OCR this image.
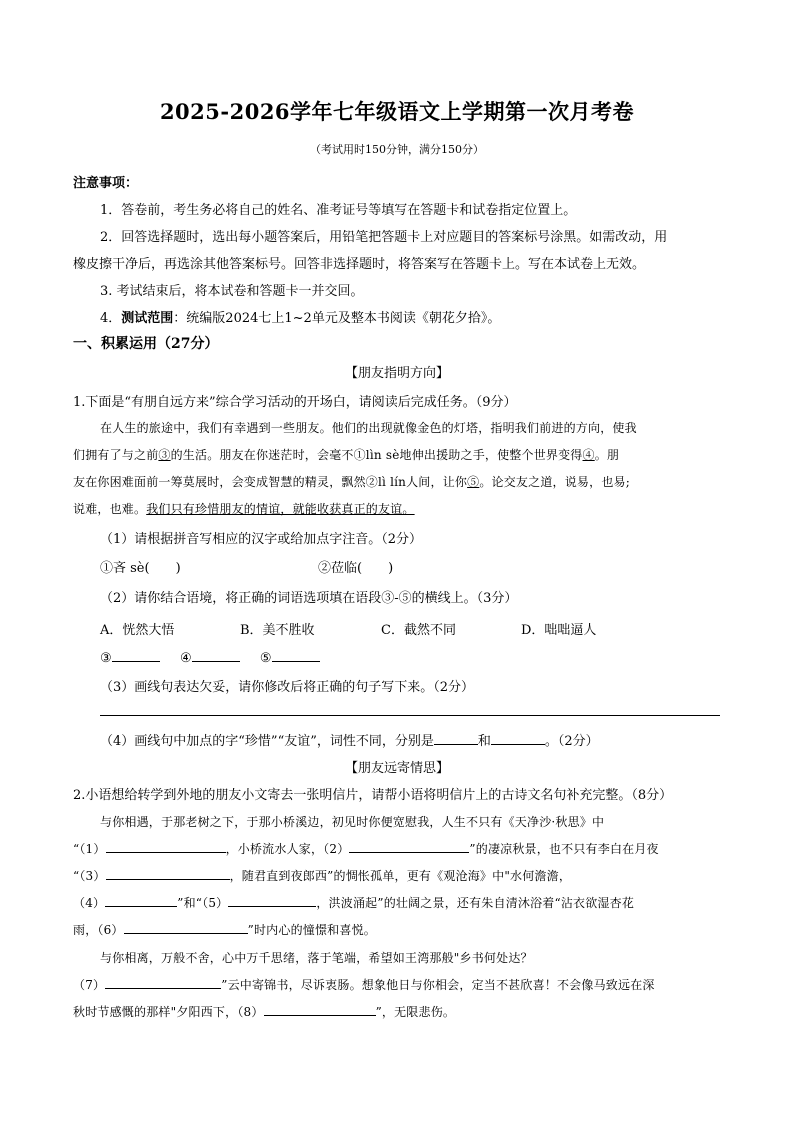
2025-2026学年七年级语文上学期第一次月考卷
（考试用时150分钟，满分150分）
注意事项：
1．答卷前，考生务必将自己的姓名、准考证号等填写在答题卡和试卷指定位置上。
2．回答选择题时，选出每小题答案后，用铅笔把答题卡上对应题目的答案标号涂黑。如需改动，用
橡皮擦干净后，再选涂其他答案标号。回答非选择题时，将答案写在答题卡上。写在本试卷上无效。
3. 考试结束后，将本试卷和答题卡一并交回。
4．测试范围：统编版2024七上1~2单元及整本书阅读《朝花夕拾》。
一、积累运用（27分）
【朋友指明方向】
1.下面是“有朋自远方来”综合学习活动的开场白，请阅读后完成任务。（9分）
在人生的旅途中，我们有幸遇到一些朋友。他们的出现就像金色的灯塔，指明我们前进的方向，使我
们拥有了与之前③的生活。朋友在你迷茫时，会毫不①lìn sè地伸出援助之手，使整个世界变得④。朋
友在你困难面前一筹莫展时，会变成智慧的精灵，飘然②lì lín人间，让你⑤。论交友之道，说易，也易;
说难，也难。我们只有珍惜朋友的情谊，就能收获真正的友谊。
（1）请根据拼音写相应的汉字或给加点字注音。（2分）
①吝 sè(　　)	②莅临(　　)
（2）请你结合语境，将正确的词语选项填在语段③-⑤的横线上。（3分）
A．恍然大悟	B．美不胜收	C．截然不同	D．咄咄逼人
③	④	⑤
（3）画线句表达欠妥，请你修改后将正确的句子写下来。（2分）
（4）画线句中加点的字“珍惜”“友谊”，词性不同，分别是	和	。（2分）
【朋友远寄情思】
2.小语想给转学到外地的朋友小文寄去一张明信片，请帮小语将明信片上的古诗文名句补充完整。（8分）
与你相遇，于那老树之下，于那小桥溪边，初见时你便宽慰我，人生不只有《天净沙·秋思》中
“（1）	，小桥流水人家，（2）	”的凄凉秋景，也不只有李白在月夜
“（3）	，随君直到夜郎西”的惆怅孤单，更有《观沧海》中"水何澹澹，
（4）	”和“（5）	，洪波涌起”的壮阔之景，还有朱自清沐浴着“沾衣欲湿杏花
雨，（6）	”时内心的憧憬和喜悦。
与你相离，万般不舍，心中万千思绪，落于笔端，希望如王湾那般"乡书何处达？
（7）	”云中寄锦书，尽诉衷肠。想象他日与你相会，定当不甚欣喜！不会像马致远在深
秋时节感慨的那样"夕阳西下，（8）	”，无限悲伤。
